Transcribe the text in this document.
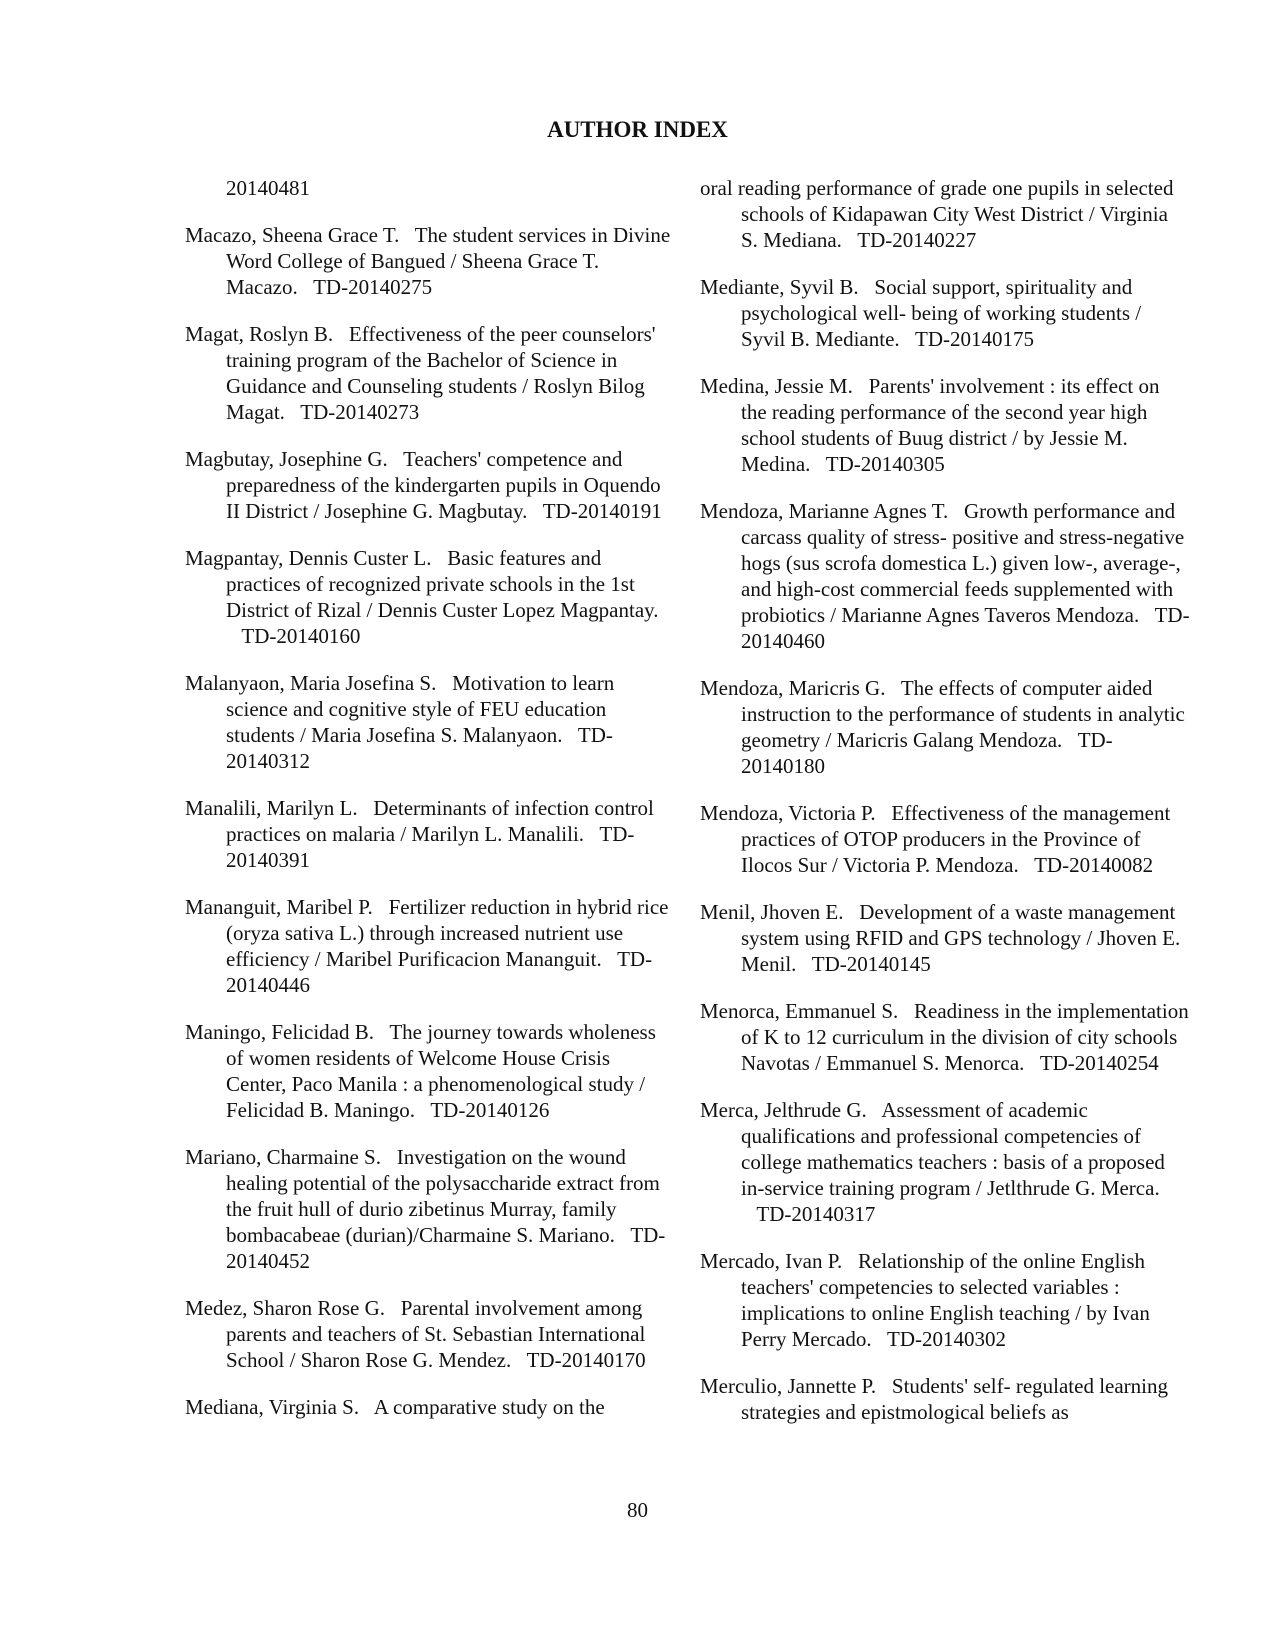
AUTHOR INDEX

20140481

Macazo, Sheena Grace T. The student services in Divine Word College of Bangued / Sheena Grace T. Macazo. TD-20140275

Magat, Roslyn B. Effectiveness of the peer counselors' training program of the Bachelor of Science in Guidance and Counseling students / Roslyn Bilog Magat. TD-20140273

Magbutay, Josephine G. Teachers' competence and preparedness of the kindergarten pupils in Oquendo II District / Josephine G. Magbutay. TD-20140191

Magpantay, Dennis Custer L. Basic features and practices of recognized private schools in the 1st District of Rizal / Dennis Custer Lopez Magpantay.   TD-20140160

Malanyaon, Maria Josefina S. Motivation to learn science and cognitive style of FEU education students / Maria Josefina S. Malanyaon. TD-20140312

Manalili, Marilyn L. Determinants of infection control practices on malaria / Marilyn L. Manalili. TD-20140391

Mananguit, Maribel P. Fertilizer reduction in hybrid rice (oryza sativa L.) through increased nutrient use efficiency / Maribel Purificacion Mananguit. TD-20140446

Maningo, Felicidad B. The journey towards wholeness of women residents of Welcome House Crisis Center, Paco Manila : a phenomenological study / Felicidad B. Maningo. TD-20140126

Mariano, Charmaine S. Investigation on the wound healing potential of the polysaccharide extract from the fruit hull of durio zibetinus Murray, family bombacabeae (durian)/Charmaine S. Mariano. TD-20140452

Medez, Sharon Rose G. Parental involvement among parents and teachers of St. Sebastian International School / Sharon Rose G. Mendez. TD-20140170

Mediana, Virginia S. A comparative study on the

oral reading performance of grade one pupils in selected schools of Kidapawan City West District / Virginia S. Mediana. TD-20140227

Mediante, Syvil B. Social support, spirituality and psychological well- being of working students / Syvil B. Mediante. TD-20140175

Medina, Jessie M. Parents' involvement : its effect on the reading performance of the second year high school students of Buug district / by Jessie M. Medina. TD-20140305

Mendoza, Marianne Agnes T. Growth performance and carcass quality of stress- positive and stress-negative hogs (sus scrofa domestica L.) given low-, average-, and high-cost commercial feeds supplemented with probiotics / Marianne Agnes Taveros Mendoza. TD-20140460

Mendoza, Maricris G. The effects of computer aided instruction to the performance of students in analytic geometry / Maricris Galang Mendoza. TD-20140180

Mendoza, Victoria P. Effectiveness of the management practices of OTOP producers in the Province of Ilocos Sur / Victoria P. Mendoza. TD-20140082

Menil, Jhoven E. Development of a waste management system using RFID and GPS technology / Jhoven E. Menil. TD-20140145

Menorca, Emmanuel S. Readiness in the implementation of K to 12 curriculum in the division of city schools Navotas / Emmanuel S. Menorca. TD-20140254

Merca, Jelthrude G. Assessment of academic qualifications and professional competencies of college mathematics teachers : basis of a proposed in-service training program / Jetlthrude G. Merca.   TD-20140317

Mercado, Ivan P. Relationship of the online English teachers' competencies to selected variables : implications to online English teaching / by Ivan Perry Mercado. TD-20140302

Merculio, Jannette P. Students' self- regulated learning strategies and epistmological beliefs as

80
